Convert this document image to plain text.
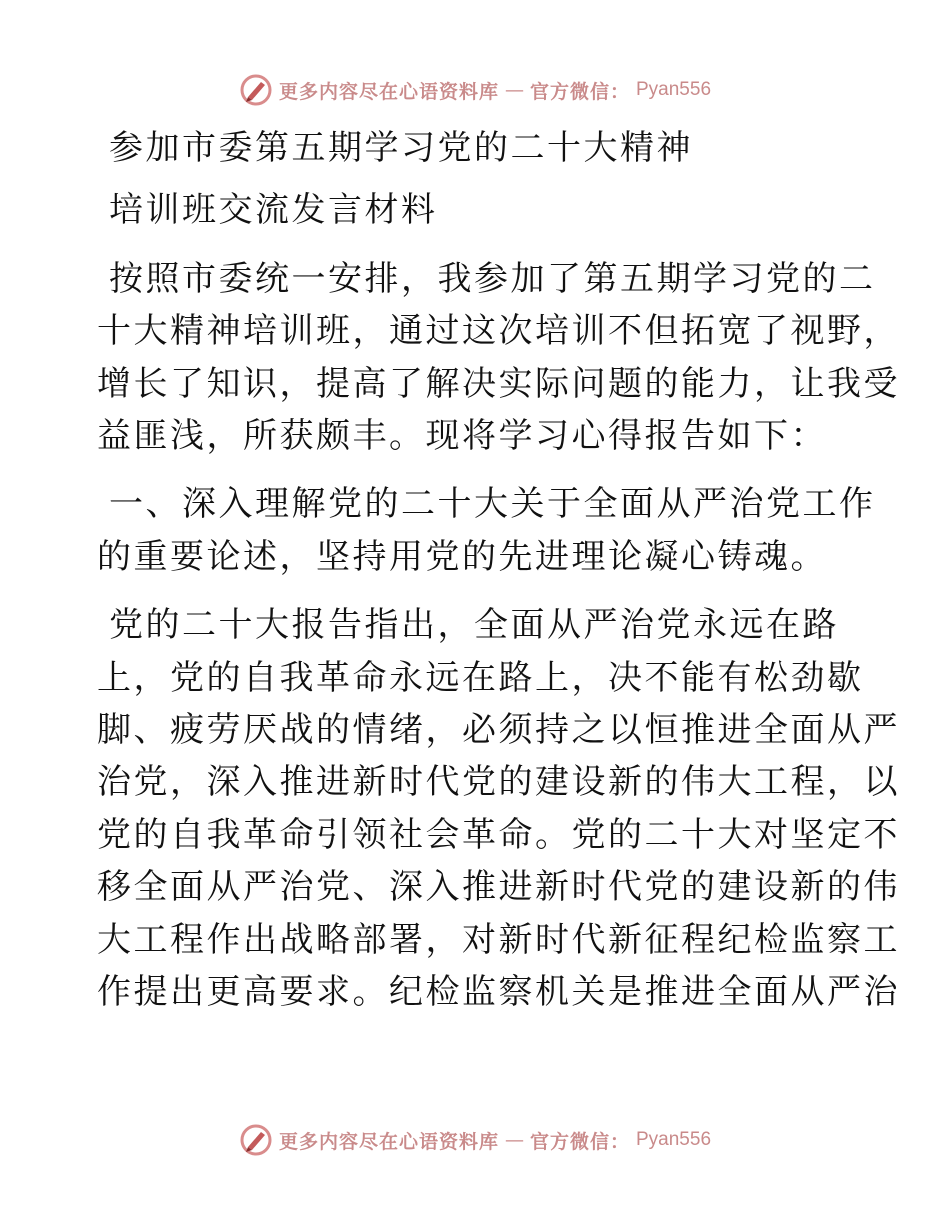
更多内容尽在心语资料库 — 官方微信： Pyan556

参加市委第五期学习党的二十大精神

培训班交流发言材料

按照市委统一安排，我参加了第五期学习党的二

十大精神培训班，通过这次培训不但拓宽了视野，

增长了知识，提高了解决实际问题的能力，让我受

益匪浅，所获颇丰。现将学习心得报告如下：

一、深入理解党的二十大关于全面从严治党工作

的重要论述，坚持用党的先进理论凝心铸魂。

党的二十大报告指出，全面从严治党永远在路

上，党的自我革命永远在路上，决不能有松劲歇

脚、疲劳厌战的情绪，必须持之以恒推进全面从严

治党，深入推进新时代党的建设新的伟大工程，以

党的自我革命引领社会革命。党的二十大对坚定不

移全面从严治党、深入推进新时代党的建设新的伟

大工程作出战略部署，对新时代新征程纪检监察工

作提出更高要求。纪检监察机关是推进全面从严治

更多内容尽在心语资料库 — 官方微信： Pyan556
